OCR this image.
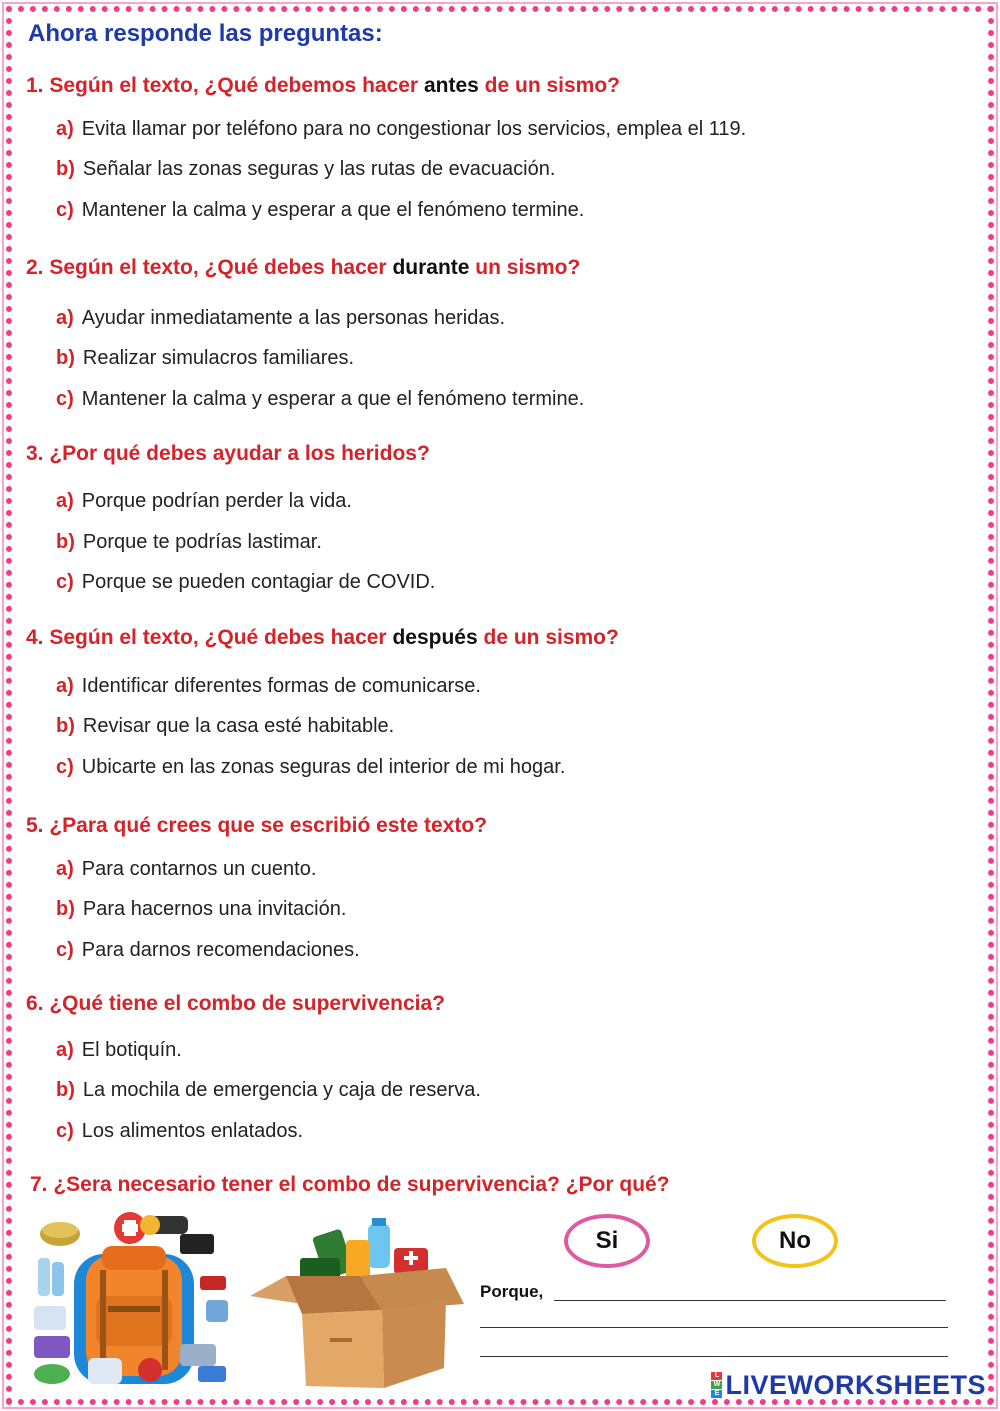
Ahora responde las preguntas:
1. Según el texto, ¿Qué debemos hacer antes de un sismo?
a) Evita llamar por teléfono para no congestionar los servicios, emplea el 119.
b) Señalar las zonas seguras y las rutas de evacuación.
c) Mantener la calma y esperar a que el fenómeno termine.
2. Según el texto, ¿Qué debes hacer durante un sismo?
a) Ayudar inmediatamente a las personas heridas.
b) Realizar simulacros familiares.
c) Mantener la calma y esperar a que el fenómeno termine.
3. ¿Por qué debes ayudar a los heridos?
a) Porque podrían perder la vida.
b) Porque te podrías lastimar.
c) Porque se pueden contagiar de COVID.
4. Según el texto, ¿Qué debes hacer después de un sismo?
a) Identificar diferentes formas de comunicarse.
b) Revisar que la casa esté habitable.
c) Ubicarte en las zonas seguras del interior de mi hogar.
5. ¿Para qué crees que se escribió este texto?
a) Para contarnos un cuento.
b) Para hacernos una invitación.
c) Para darnos recomendaciones.
6. ¿Qué tiene el combo de supervivencia?
a) El botiquín.
b) La mochila de emergencia y caja de reserva.
c) Los alimentos enlatados.
7. ¿Sera necesario tener el combo de supervivencia? ¿Por qué?
Si	No
Porque,
L
W
E LIVEWORKSHEETS
